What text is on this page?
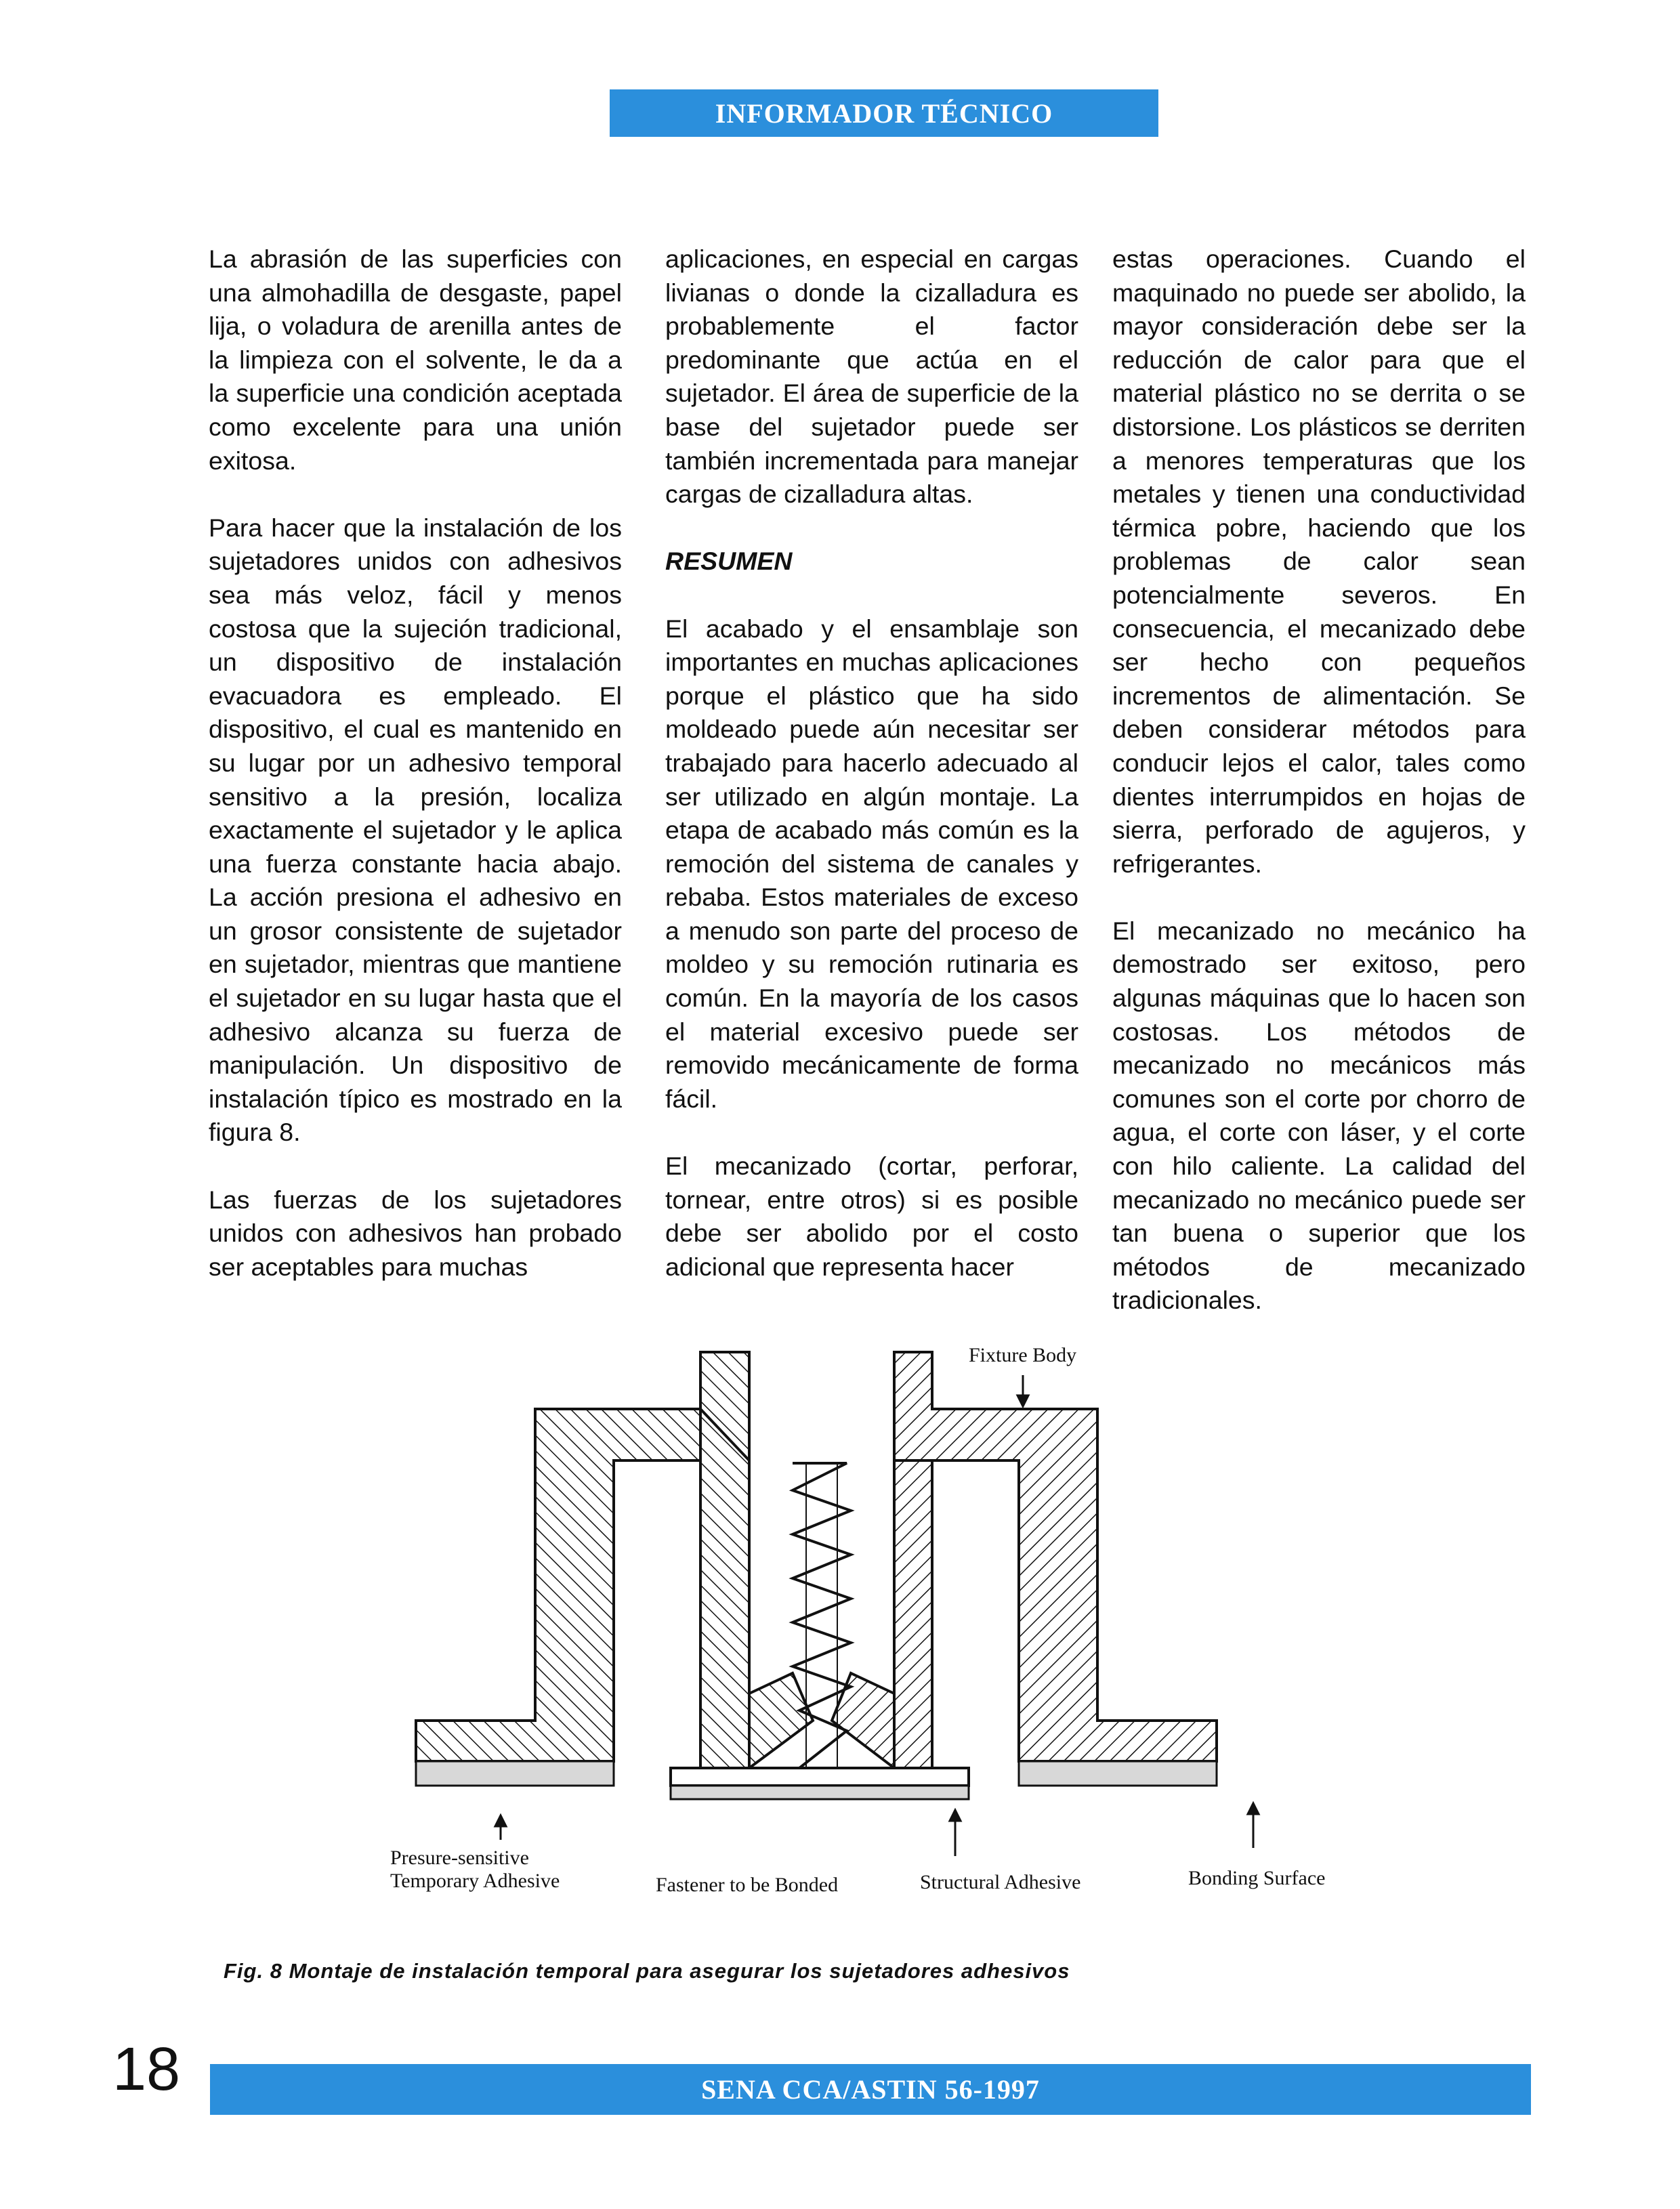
INFORMADOR TÉCNICO

La abrasión de las superficies con una almohadilla de desgaste, papel lija, o voladura de arenilla antes de la limpieza con el solvente, le da a la superficie una condición aceptada como excelente para una unión exitosa.

Para hacer que la instalación de los sujetadores unidos con adhesivos sea más veloz, fácil y menos costosa que la sujeción tradicional, un dispositivo de instalación evacuadora es empleado. El dispositivo, el cual es mantenido en su lugar por un adhesivo temporal sensitivo a la presión, localiza exactamente el sujetador y le aplica una fuerza constante hacia abajo. La acción presiona el adhesivo en un grosor consistente de sujetador en sujetador, mientras que mantiene el sujetador en su lugar hasta que el adhesivo alcanza su fuerza de manipulación. Un dispositivo de instalación típico es mostrado en la figura 8.

Las fuerzas de los sujetadores unidos con adhesivos han probado ser aceptables para muchas

aplicaciones, en especial en cargas livianas o donde la cizalladura es probablemente el factor predominante que actúa en el sujetador. El área de superficie de la base del sujetador puede ser también incrementada para manejar cargas de cizalladura altas.

RESUMEN

El acabado y el ensamblaje son importantes en muchas aplicaciones porque el plástico que ha sido moldeado puede aún necesitar ser trabajado para hacerlo adecuado al ser utilizado en algún montaje. La etapa de acabado más común es la remoción del sistema de canales y rebaba. Estos materiales de exceso a menudo son parte del proceso de moldeo y su remoción rutinaria es común. En la mayoría de los casos el material excesivo puede ser removido mecánicamente de forma fácil.

El mecanizado (cortar, perforar, tornear, entre otros) si es posible debe ser abolido por el costo adicional que representa hacer

estas operaciones. Cuando el maquinado no puede ser abolido, la mayor consideración debe ser la reducción de calor para que el material plástico no se derrita o se distorsione. Los plásticos se derriten a menores temperaturas que los metales y tienen una conductividad térmica pobre, haciendo que los problemas de calor sean potencialmente severos. En consecuencia, el mecanizado debe ser hecho con pequeños incrementos de alimentación. Se deben considerar métodos para conducir lejos el calor, tales como dientes interrumpidos en hojas de sierra, perforado de agujeros, y refrigerantes.

El mecanizado no mecánico ha demostrado ser exitoso, pero algunas máquinas que lo hacen son costosas. Los métodos de mecanizado no mecánicos más comunes son el corte por chorro de agua, el corte con láser, y el corte con hilo caliente. La calidad del mecanizado no mecánico puede ser tan buena o superior que los métodos de mecanizado tradicionales.

Fixture Body
Presure-sensitive
Temporary Adhesive	Fastener to be Bonded	Structural Adhesive	Bonding Surface
Fig. 8 Montaje de instalación temporal para asegurar los sujetadores adhesivos
18	SENA CCA/ASTIN 56-1997
